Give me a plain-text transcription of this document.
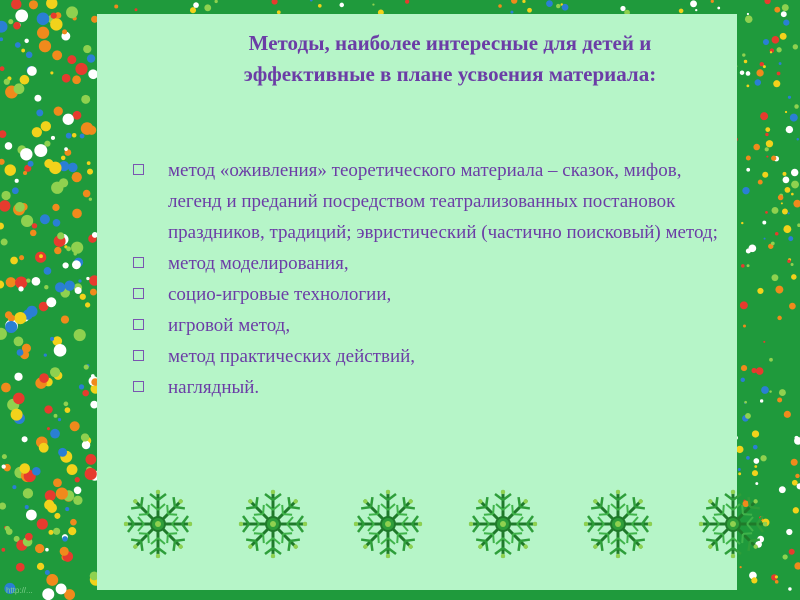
Методы, наиболее интересные для детей и
эффективные в плане усвоения материала:
метод «оживления» теоретического материала – сказок, мифов, легенд и преданий посредством театрализованных постановок праздников, традиций; эвристический (частично поисковый) метод;
метод моделирования,
социо-игровые технологии,
игровой метод,
метод практических действий,
наглядный.
http://...
